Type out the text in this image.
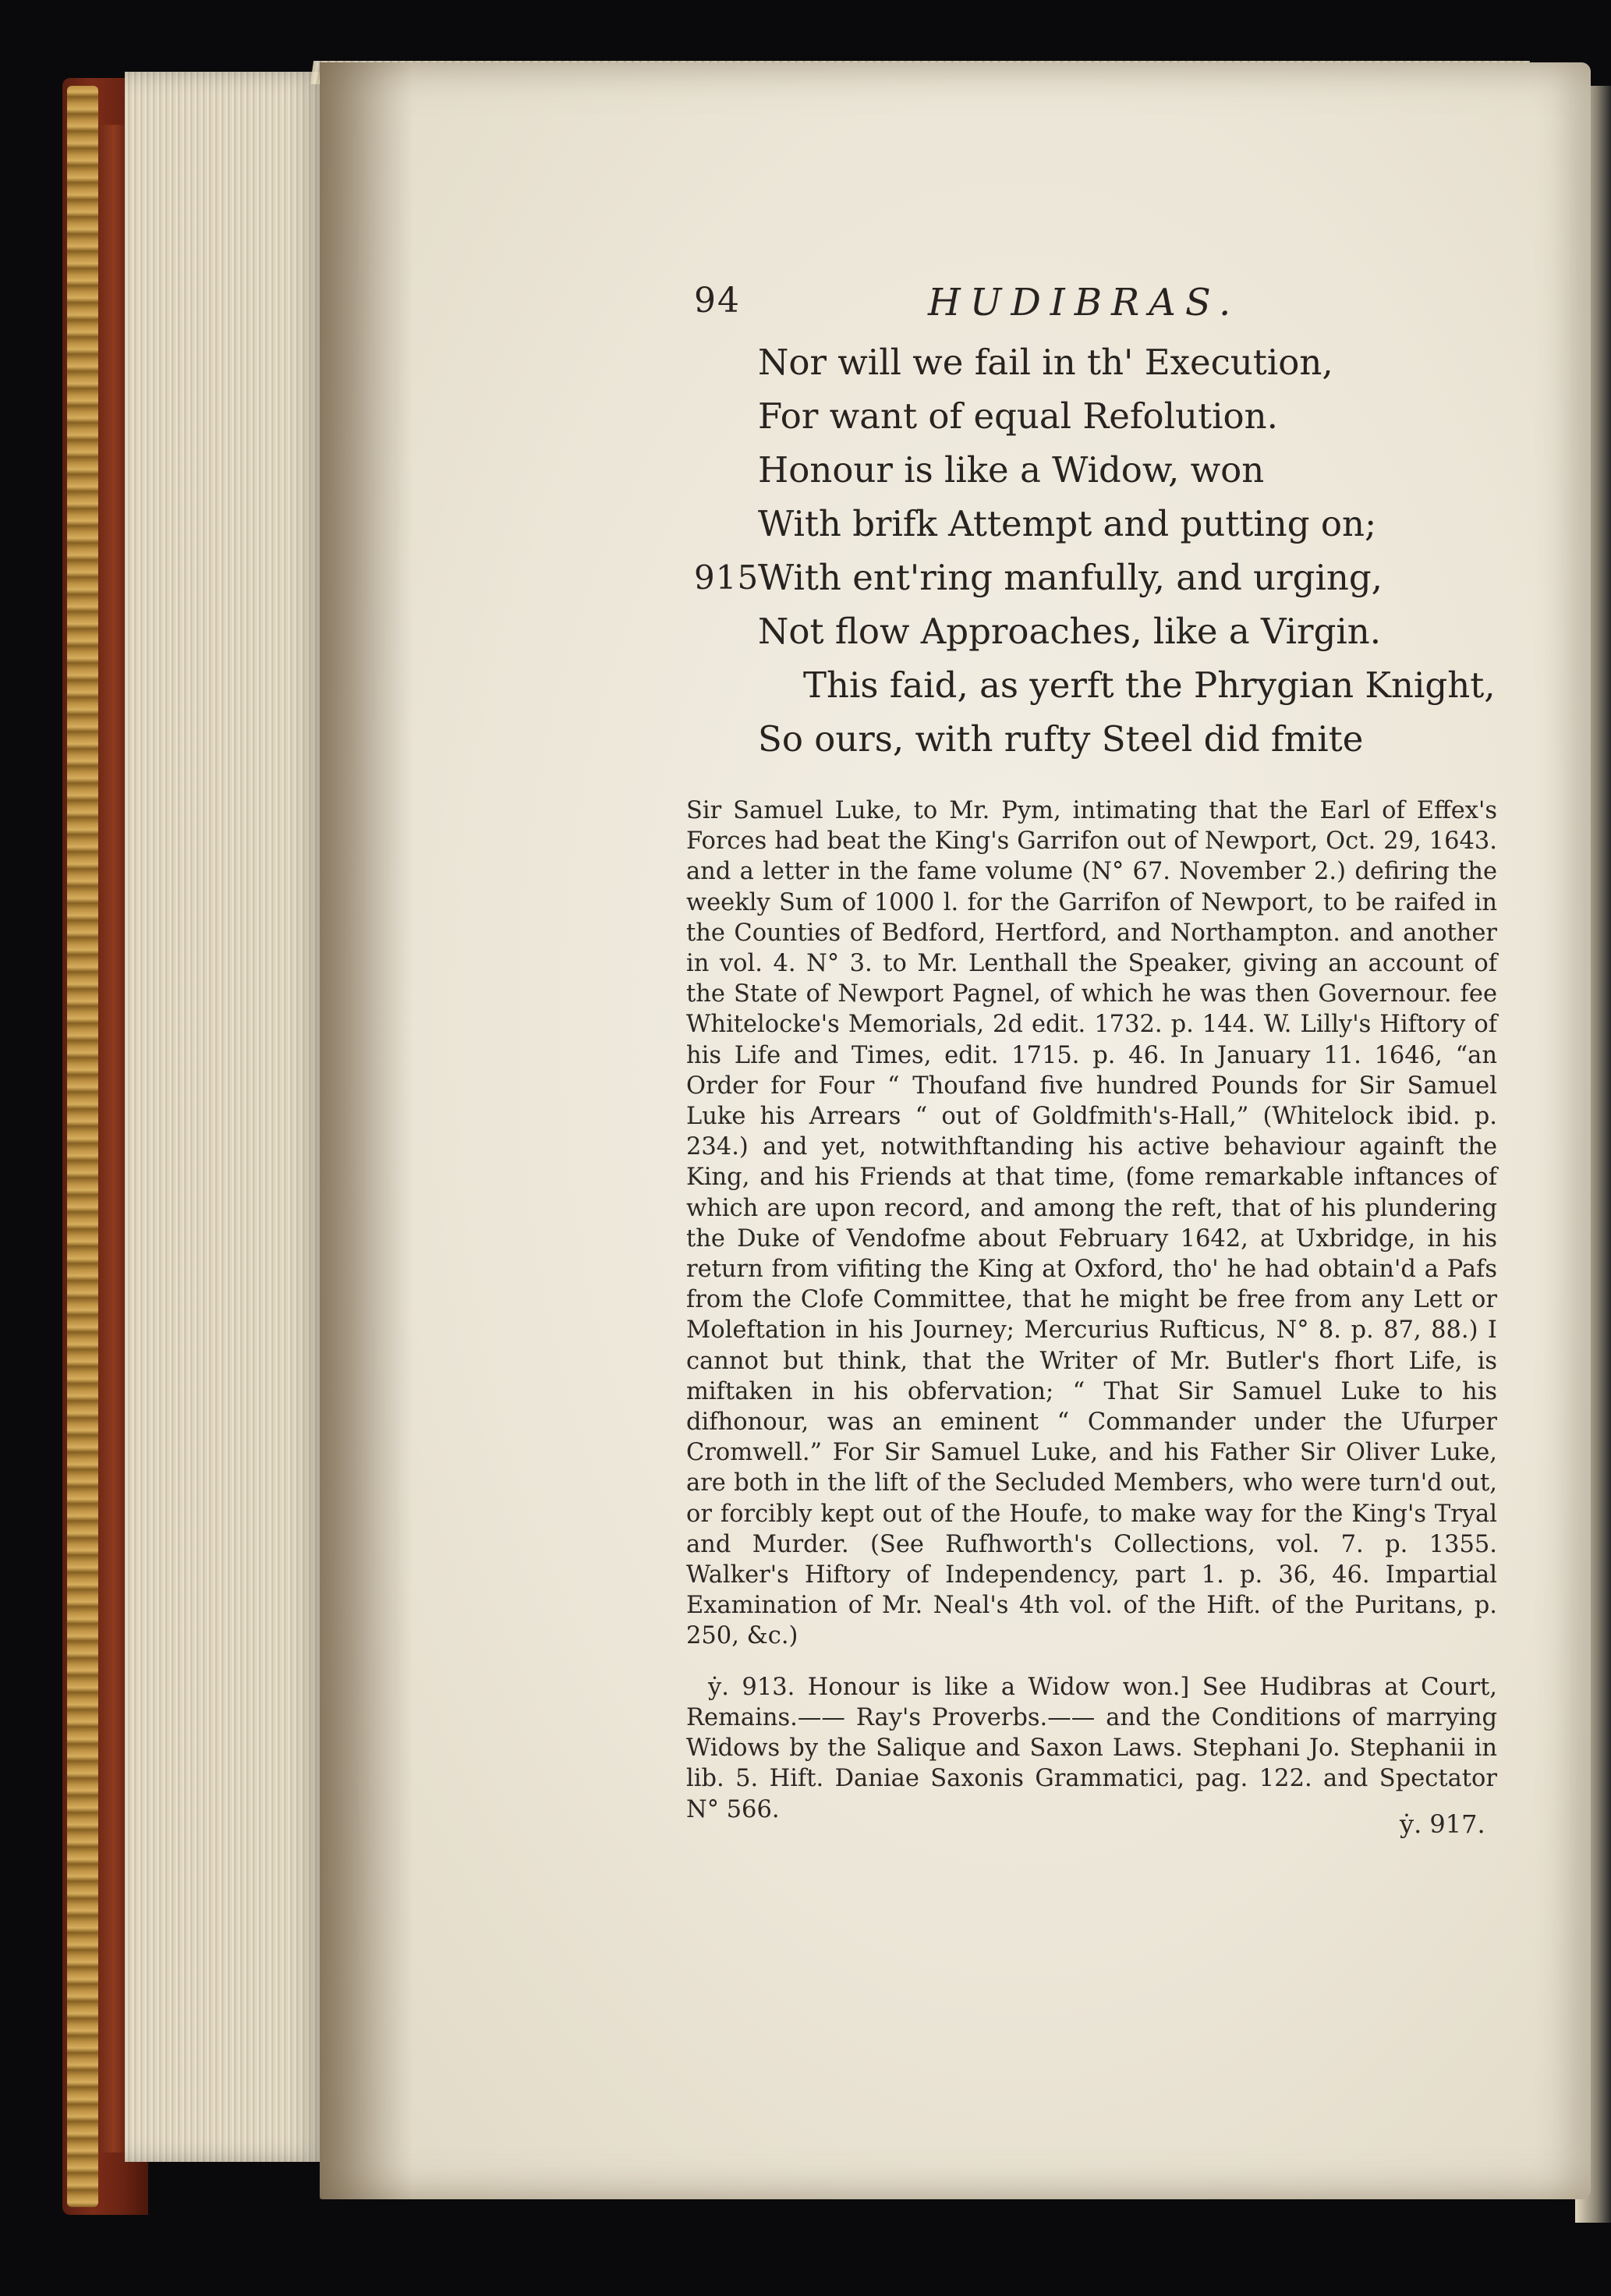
94	HUDIBRAS.
Nor will we fail in th' Execution,
For want of equal Refolution.
Honour is like a Widow, won
With brifk Attempt and putting on;
915
With ent'ring manfully, and urging,
Not flow Approaches, like a Virgin.
This faid, as yerft the Phrygian Knight,
So ours, with rufty Steel did fmite

Sir Samuel Luke, to Mr. Pym, intimating that the Earl of Effex's Forces had beat the King's Garrifon out of Newport, Oct. 29, 1643. and a letter in the fame volume (N° 67. November 2.) defiring the weekly Sum of 1000 l. for the Garrifon of Newport, to be raifed in the Counties of Bedford, Hertford, and Northampton. and another in vol. 4. N° 3. to Mr. Lenthall the Speaker, giving an account of the State of Newport Pagnel, of which he was then Governour. fee Whitelocke's Memorials, 2d edit. 1732. p. 144. W. Lilly's Hiftory of his Life and Times, edit. 1715. p. 46. In January 11. 1646, “an Order for Four “ Thoufand five hundred Pounds for Sir Samuel Luke his Arrears “ out of Goldfmith's-Hall,” (Whitelock ibid. p. 234.) and yet, notwithftanding his active behaviour againft the King, and his Friends at that time, (fome remarkable inftances of which are upon record, and among the reft, that of his plundering the Duke of Vendofme about February 1642, at Uxbridge, in his return from vifiting the King at Oxford, tho' he had obtain'd a Pafs from the Clofe Committee, that he might be free from any Lett or Moleftation in his Journey; Mercurius Rufticus, N° 8. p. 87, 88.) I cannot but think, that the Writer of Mr. Butler's fhort Life, is miftaken in his obfervation; “ That Sir Samuel Luke to his difhonour, was an eminent “ Commander under the Ufurper Cromwell.” For Sir Samuel Luke, and his Father Sir Oliver Luke, are both in the lift of the Secluded Members, who were turn'd out, or forcibly kept out of the Houfe, to make way for the King's Tryal and Murder. (See Rufhworth's Collections, vol. 7. p. 1355. Walker's Hiftory of Independency, part 1. p. 36, 46. Impartial Examination of Mr. Neal's 4th vol. of the Hift. of the Puritans, p. 250, &c.)

ẏ. 913. Honour is like a Widow won.] See Hudibras at Court, Remains.—— Ray's Proverbs.—— and the Conditions of marrying Widows by the Salique and Saxon Laws. Stephani Jo. Stephanii in lib. 5. Hift. Daniae Saxonis Grammatici, pag. 122. and Spectator N° 566.	ẏ. 917.
